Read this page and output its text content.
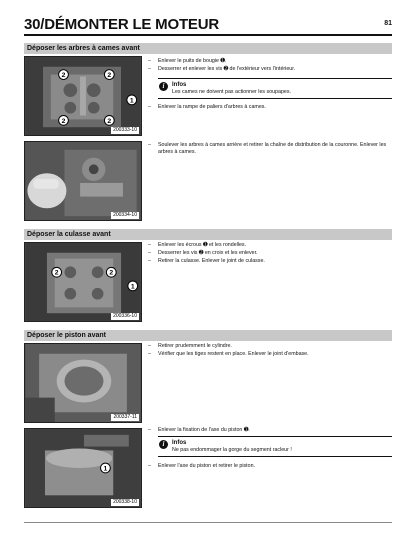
30/DÉMONTER LE MOTEUR	81
Déposer les arbres à cames avant
2	2
2	2
1
200333-10
– Enlever le puits de bougie ➊.
– Desserrer et enlever les vis ➋ de l'extérieur vers l'intérieur.
i	Infos
Les cames ne doivent pas actionner les soupapes.
– Enlever la rampe de paliers d'arbres à cames.
200334-10
– Soulever les arbres à cames arrière et retirer la chaîne de distribution de la couronne. Enlever les arbres à cames.
Déposer la culasse avant
2	2
1
200336-10
– Enlever les écrous ➊ et les rondelles.
– Desserrer les vis ➋ en croix et les enlever.
– Retirer la culasse. Enlever le joint de culasse.
Déposer le piston avant
200337-11
– Retirer prudemment le cylindre.
– Vérifier que les tiges restent en place. Enlever le joint d'embase.
1
200338-10
– Enlever la fixation de l'axe du piston ➊.
i	Infos
Ne pas endommager la gorge du segment racleur !
– Enlever l'axe du piston et retirer le piston.
